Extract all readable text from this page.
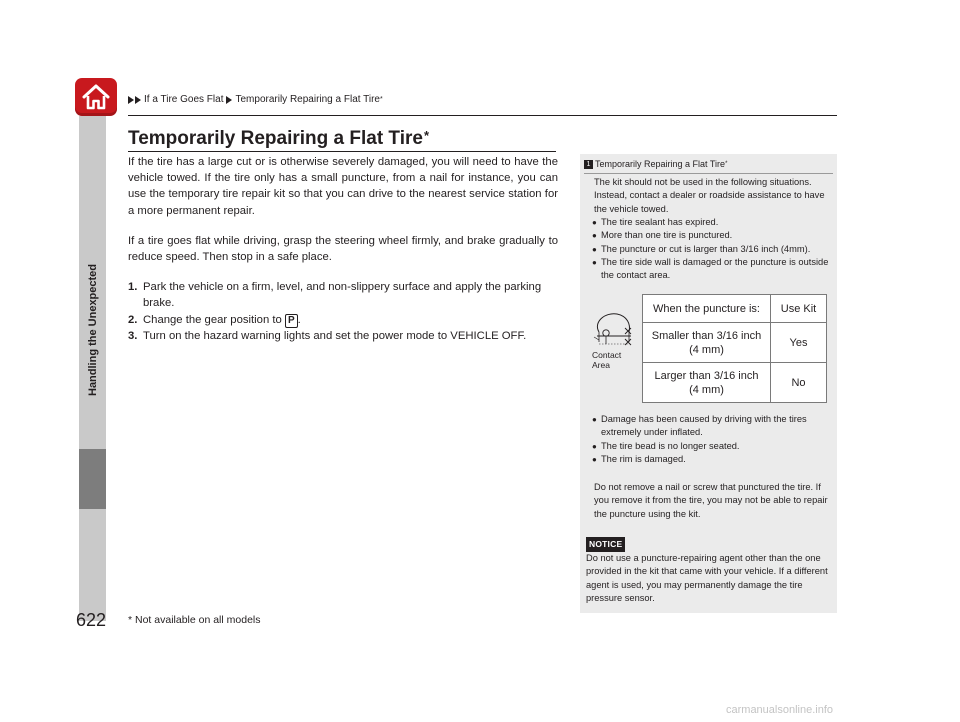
If a Tire Goes Flat Temporarily Repairing a Flat Tire *
Handling the Unexpected
Temporarily Repairing a Flat Tire*

If the tire has a large cut or is otherwise severely damaged, you will need to have the vehicle towed. If the tire only has a small puncture, from a nail for instance, you can use the temporary tire repair kit so that you can drive to the nearest service station for a more permanent repair.

If a tire goes flat while driving, grasp the steering wheel firmly, and brake gradually to reduce speed. Then stop in a safe place.

1. Park the vehicle on a firm, level, and non-slippery surface and apply the parking brake.
2. Change the gear position to P .
3. Turn on the hazard warning lights and set the power mode to VEHICLE OFF.
1 Temporarily Repairing a Flat Tire *
The kit should not be used in the following situations. Instead, contact a dealer or roadside assistance to have the vehicle towed.
● The tire sealant has expired.
● More than one tire is punctured.
● The puncture or cut is larger than 3/16 inch (4mm).
● The tire side wall is damaged or the puncture is outside the contact area.
● Damage has been caused by driving with the tires extremely under inflated.
● The tire bead is no longer seated.
● The rim is damaged.
Do not remove a nail or screw that punctured the tire. If you remove it from the tire, you may not be able to repair the puncture using the kit.
NOTICE
Do not use a puncture-repairing agent other than the one provided in the kit that came with your vehicle. If a different agent is used, you may permanently damage the tire pressure sensor.
Contact
Area
When the puncture is:	Use Kit

Smaller than 3/16 inch
(4 mm)	Yes

Larger than 3/16 inch
(4 mm)	No
622 * Not available on all models
carmanualsonline.info
